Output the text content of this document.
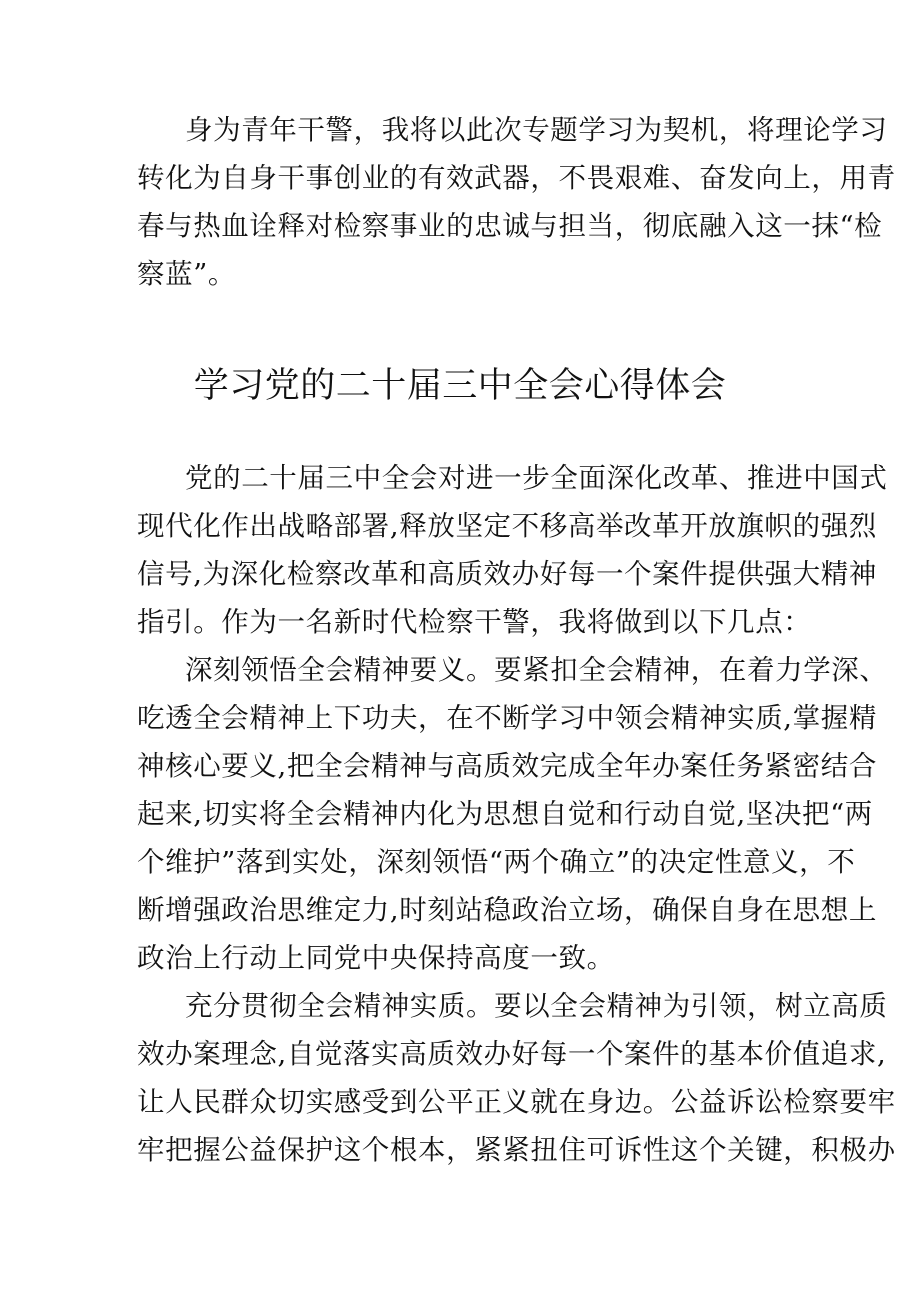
身为青年干警，我将以此次专题学习为契机，将理论学习
转化为自身干事创业的有效武器，不畏艰难、奋发向上，用青
春与热血诠释对检察事业的忠诚与担当，彻底融入这一抹“检
察蓝”。
学习党的二十届三中全会心得体会
党的二十届三中全会对进一步全面深化改革、推进中国式
现代化作出战略部署,释放坚定不移高举改革开放旗帜的强烈
信号,为深化检察改革和高质效办好每一个案件提供强大精神
指引。作为一名新时代检察干警，我将做到以下几点：
深刻领悟全会精神要义。要紧扣全会精神，在着力学深、
吃透全会精神上下功夫，在不断学习中领会精神实质,掌握精
神核心要义,把全会精神与高质效完成全年办案任务紧密结合
起来,切实将全会精神内化为思想自觉和行动自觉,坚决把“两
个维护”落到实处，深刻领悟“两个确立”的决定性意义，不
断增强政治思维定力,时刻站稳政治立场，确保自身在思想上
政治上行动上同党中央保持高度一致。
充分贯彻全会精神实质。要以全会精神为引领，树立高质
效办案理念,自觉落实高质效办好每一个案件的基本价值追求,
让人民群众切实感受到公平正义就在身边。公益诉讼检察要牢
牢把握公益保护这个根本，紧紧扭住可诉性这个关键，积极办
